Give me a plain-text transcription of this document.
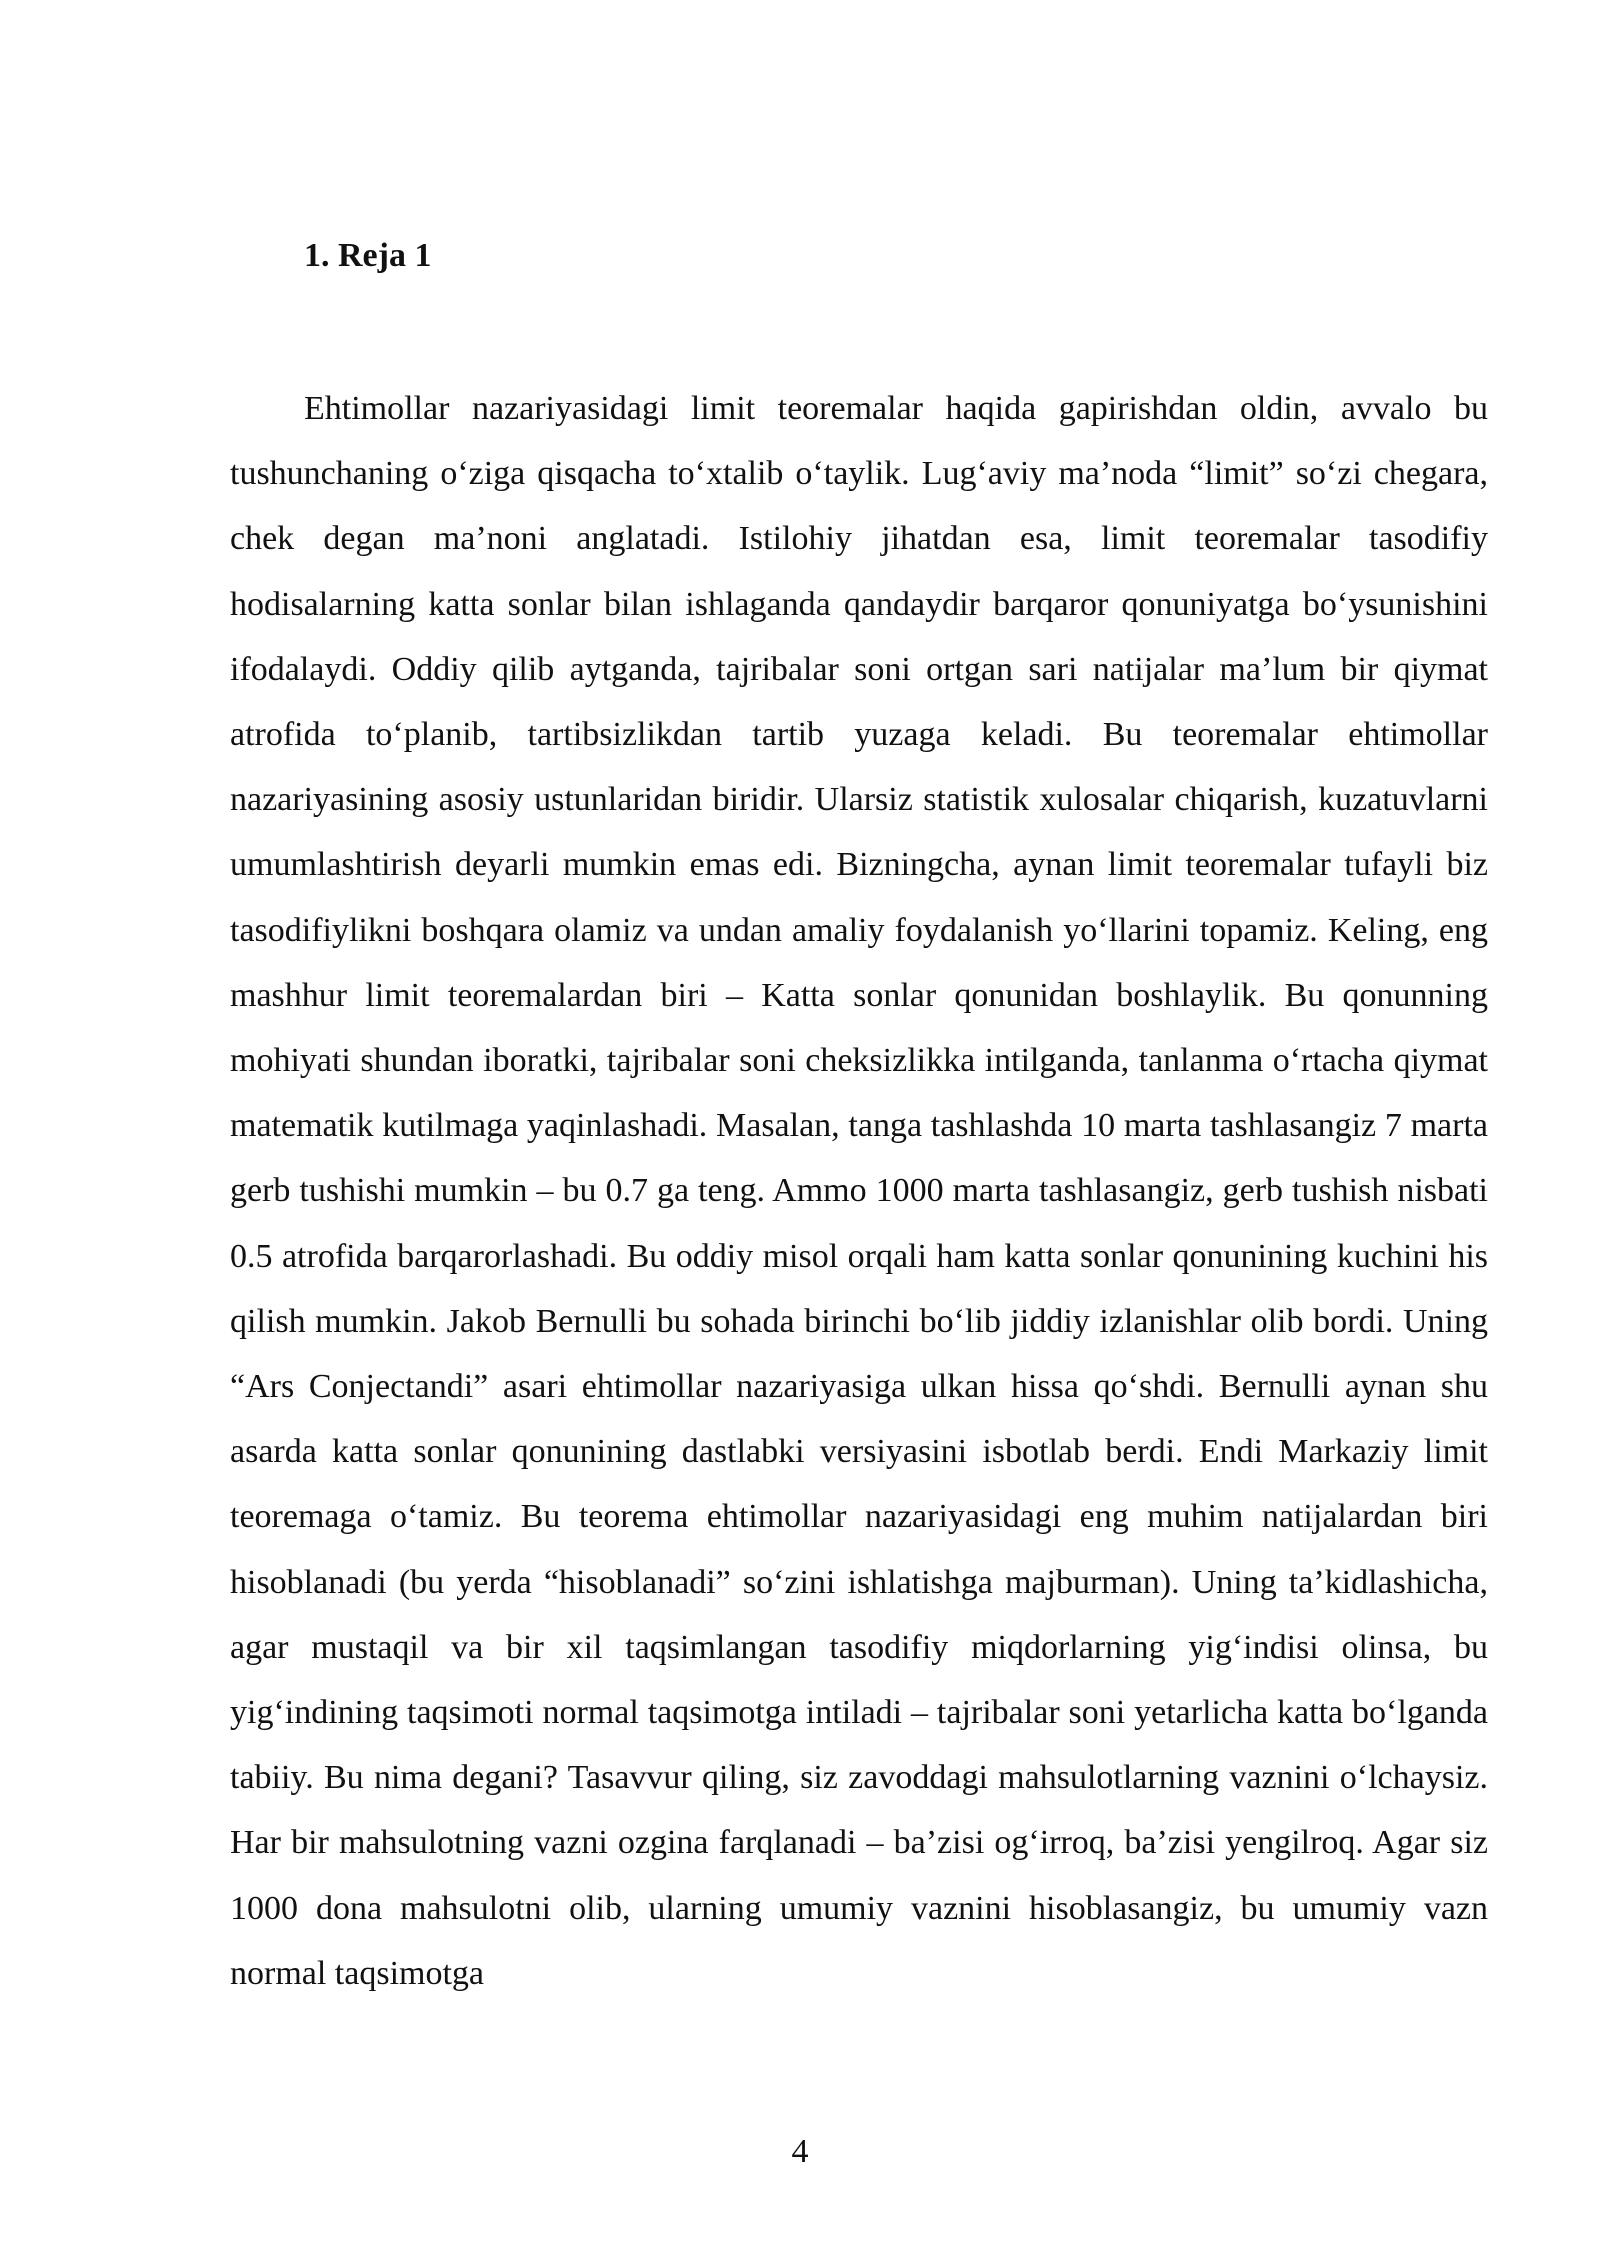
1. Reja 1

Ehtimollar nazariyasidagi limit teoremalar haqida gapirishdan oldin, avvalo bu tushunchaning o‘ziga qisqacha to‘xtalib o‘taylik. Lug‘aviy ma’noda “limit” so‘zi chegara, chek degan ma’noni anglatadi. Istilohiy jihatdan esa, limit teoremalar tasodifiy hodisalarning katta sonlar bilan ishlaganda qandaydir barqaror qonuniyatga bo‘ysunishini ifodalaydi. Oddiy qilib aytganda, tajribalar soni ortgan sari natijalar ma’lum bir qiymat atrofida to‘planib, tartibsizlikdan tartib yuzaga keladi. Bu teoremalar ehtimollar nazariyasining asosiy ustunlaridan biridir. Ularsiz statistik xulosalar chiqarish, kuzatuvlarni umumlashtirish deyarli mumkin emas edi. Bizningcha, aynan limit teoremalar tufayli biz tasodifiylikni boshqara olamiz va undan amaliy foydalanish yo‘llarini topamiz. Keling, eng mashhur limit teoremalardan biri – Katta sonlar qonunidan boshlaylik. Bu qonunning mohiyati shundan iboratki, tajribalar soni cheksizlikka intilganda, tanlanma o‘rtacha qiymat matematik kutilmaga yaqinlashadi. Masalan, tanga tashlashda 10 marta tashlasangiz 7 marta gerb tushishi mumkin – bu 0.7 ga teng. Ammo 1000 marta tashlasangiz, gerb tushish nisbati 0.5 atrofida barqarorlashadi. Bu oddiy misol orqali ham katta sonlar qonunining kuchini his qilish mumkin. Jakob Bernulli bu sohada birinchi bo‘lib jiddiy izlanishlar olib bordi. Uning “Ars Conjectandi” asari ehtimollar nazariyasiga ulkan hissa qo‘shdi. Bernulli aynan shu asarda katta sonlar qonunining dastlabki versiyasini isbotlab berdi. Endi Markaziy limit teoremaga o‘tamiz. Bu teorema ehtimollar nazariyasidagi eng muhim natijalardan biri hisoblanadi (bu yerda “hisoblanadi” so‘zini ishlatishga majburman). Uning ta’kidlashicha, agar mustaqil va bir xil taqsimlangan tasodifiy miqdorlarning yig‘indisi olinsa, bu yig‘indining taqsimoti normal taqsimotga intiladi – tajribalar soni yetarlicha katta bo‘lganda tabiiy. Bu nima degani? Tasavvur qiling, siz zavoddagi mahsulotlarning vaznini o‘lchaysiz. Har bir mahsulotning vazni ozgina farqlanadi – ba’zisi og‘irroq, ba’zisi yengilroq. Agar siz 1000 dona mahsulotni olib, ularning umumiy vaznini hisoblasangiz, bu umumiy vazn normal taqsimotga

4
